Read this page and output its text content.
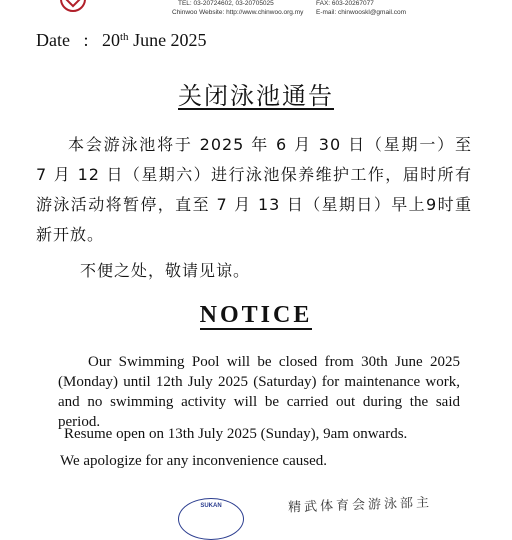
TEL: 03-20724602, 03-20705025
Chinwoo Website: http://www.chinwoo.org.my
FAX: 603-20267077
E-mail: chinwooskl@gmail.com
Date : 20th June 2025
关闭泳池通告
本会游泳池将于 2025 年 6 月 30 日（星期一）至 7 月 12 日（星期六）进行泳池保养维护工作，届时所有游泳活动将暂停，直至 7 月 13 日（星期日）早上9时重新开放。
不便之处，敬请见谅。
NOTICE
Our Swimming Pool will be closed from 30th June 2025 (Monday) until 12th July 2025 (Saturday) for maintenance work, and no swimming activity will be carried out during the said period.
Resume open on 13th July 2025 (Sunday), 9am onwards.
We apologize for any inconvenience caused.
SUKAN	精武体育会游泳部主
